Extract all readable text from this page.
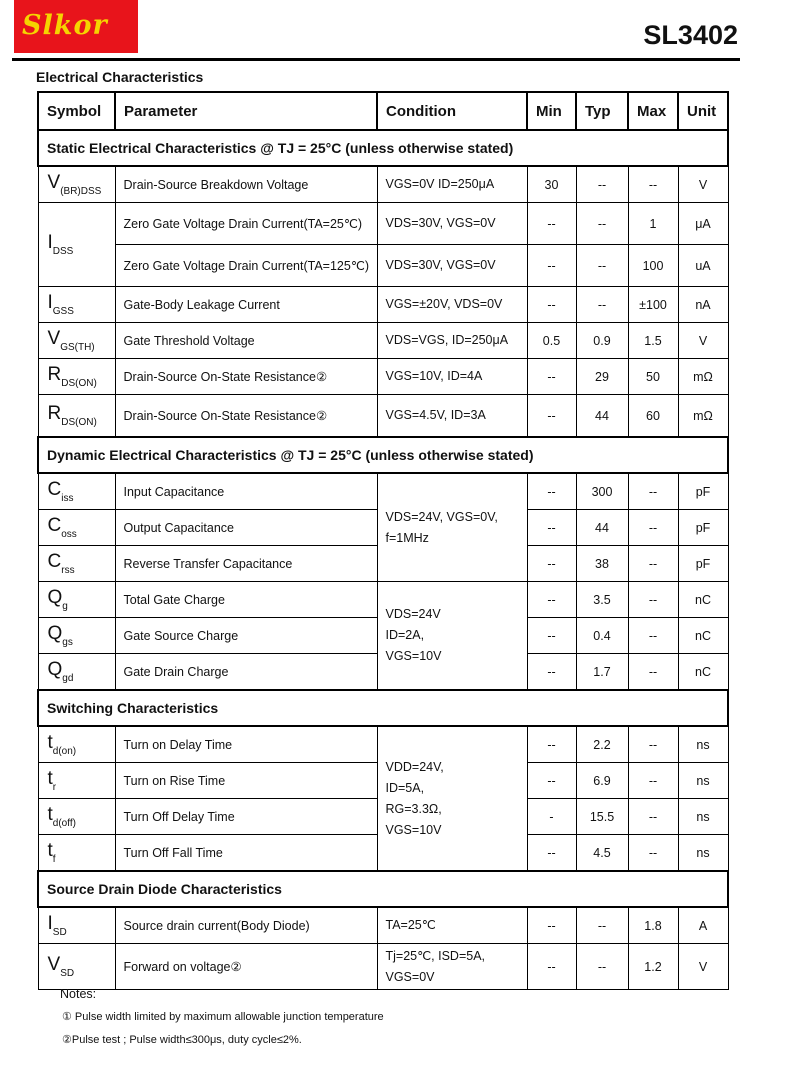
Slkor	SL3402
Electrical Characteristics
Symbol	Parameter	Condition	Min	Typ	Max	Unit
Static Electrical Characteristics @ TJ = 25°C (unless otherwise stated)						
$V_{(BR)DSS}$	Drain-Source Breakdown Voltage	VGS=0V ID=250μA	30	--	--	V
$I_{DSS}$	Zero Gate Voltage Drain Current(TA=25℃)	VDS=30V, VGS=0V	--	--	1	μA
	Zero Gate Voltage Drain Current(TA=125℃)	VDS=30V, VGS=0V	--	--	100	uA
$I_{GSS}$	Gate-Body Leakage Current	VGS=±20V, VDS=0V	--	--	±100	nA
$V_{GS(TH)}$	Gate Threshold Voltage	VDS=VGS, ID=250μA	0.5	0.9	1.5	V
$R_{DS(ON)}$	Drain-Source On-State Resistance②	VGS=10V, ID=4A	--	29	50	mΩ
$R_{DS(ON)}$	Drain-Source On-State Resistance②	VGS=4.5V, ID=3A	--	44	60	mΩ
Dynamic Electrical Characteristics @ TJ = 25°C (unless otherwise stated)						
$C_{iss}$	Input Capacitance	VDS=24V, VGS=0V,
f=1MHz	--	300	--	pF
$C_{oss}$	Output Capacitance		--	44	--	pF
$C_{rss}$	Reverse Transfer Capacitance		--	38	--	pF
$Q_g$	Total Gate Charge	VDS=24V
ID=2A,
VGS=10V	--	3.5	--	nC
$Q_{gs}$	Gate Source Charge		--	0.4	--	nC
$Q_{gd}$	Gate Drain Charge		--	1.7	--	nC
Switching Characteristics						
$t_{d(on)}$	Turn on Delay Time	VDD=24V,
ID=5A,
RG=3.3Ω,
VGS=10V	--	2.2	--	ns
$t_r$	Turn on Rise Time		--	6.9	--	ns
$t_{d(off)}$	Turn Off Delay Time		-	15.5	--	ns
$t_f$	Turn Off Fall Time		--	4.5	--	ns
Source Drain Diode Characteristics						
$I_{SD}$	Source drain current(Body Diode)	TA=25℃	--	--	1.8	A
$V_{SD}$	Forward on voltage②	Tj=25℃, ISD=5A,
VGS=0V	--	--	1.2	V
Notes:
① Pulse width limited by maximum allowable junction temperature
②Pulse test ; Pulse width≤300μs, duty cycle≤2%.
